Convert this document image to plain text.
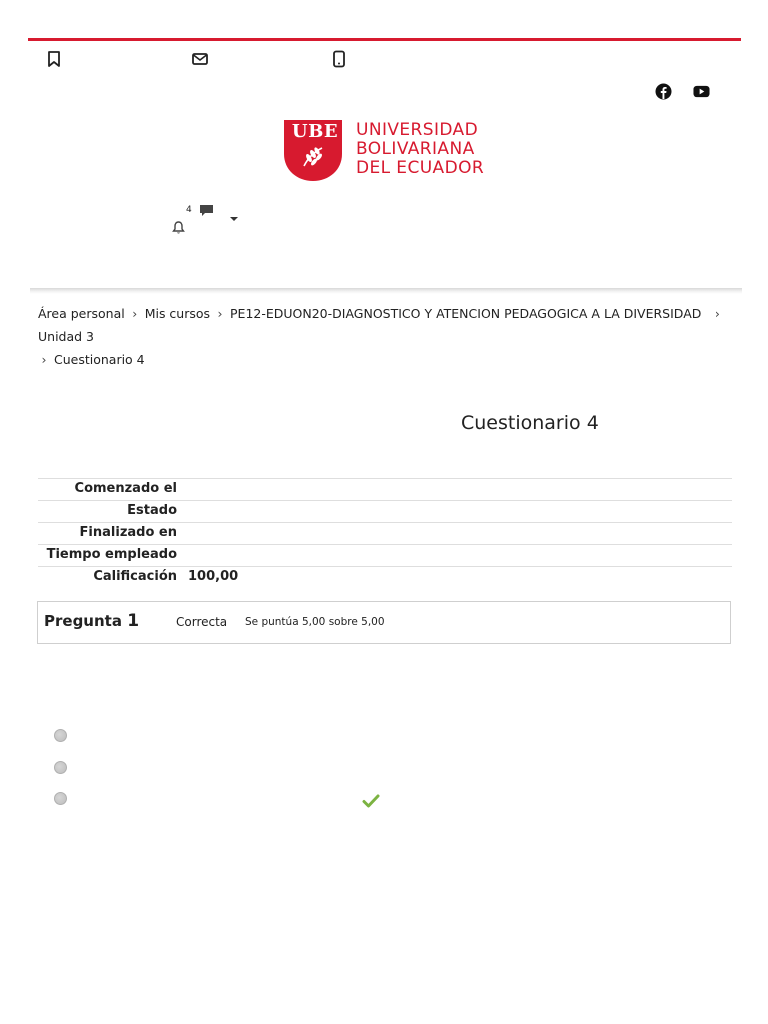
UBE UNIVERSIDAD
BOLIVARIANA
DEL ECUADOR
4
Área personal › Mis cursos › PE12-EDUON20-DIAGNOSTICO Y ATENCION PEDAGOGICA A LA DIVERSIDAD › Unidad 3
› Cuestionario 4
Cuestionario 4
Comenzado el
Estado
Finalizado en
Tiempo empleado
Calificación 100,00
Pregunta 1	Correcta Se puntúa 5,00 sobre 5,00
